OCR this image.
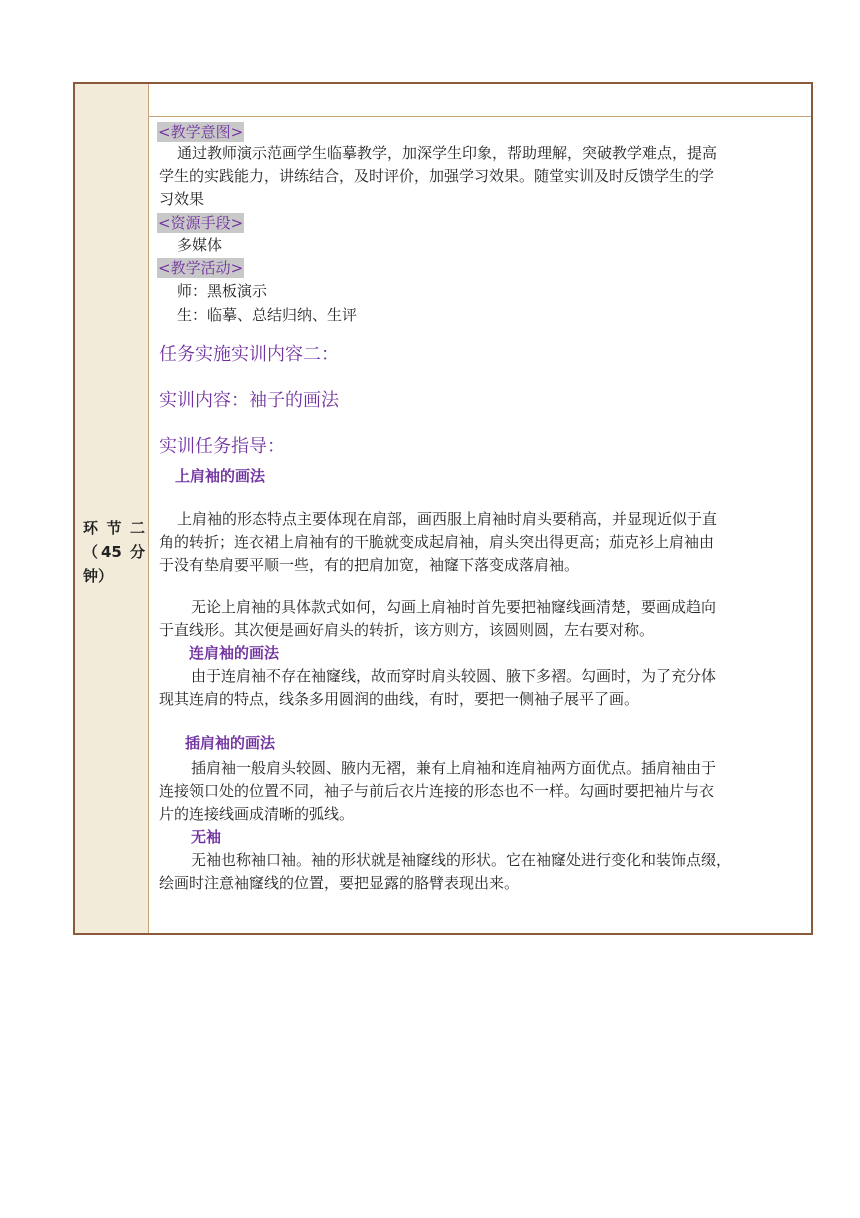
环节二（45 分钟）
<教学意图>
通过教师演示范画学生临摹教学，加深学生印象，帮助理解，突破教学难点，提高
学生的实践能力，讲练结合，及时评价，加强学习效果。随堂实训及时反馈学生的学
习效果
<资源手段>
多媒体
<教学活动>
师：黑板演示
生：临摹、总结归纳、生评
任务实施实训内容二：
实训内容：袖子的画法
实训任务指导：
上肩袖的画法
上肩袖的形态特点主要体现在肩部，画西服上肩袖时肩头要稍高，并显现近似于直
角的转折；连衣裙上肩袖有的干脆就变成起肩袖，肩头突出得更高；茄克衫上肩袖由
于没有垫肩要平顺一些，有的把肩加宽，袖窿下落变成落肩袖。
无论上肩袖的具体款式如何，勾画上肩袖时首先要把袖窿线画清楚，要画成趋向
于直线形。其次便是画好肩头的转折，该方则方，该圆则圆，左右要对称。
连肩袖的画法
由于连肩袖不存在袖窿线，故而穿时肩头较圆、腋下多褶。勾画时，为了充分体
现其连肩的特点，线条多用圆润的曲线，有时，要把一侧袖子展平了画。
插肩袖的画法
插肩袖一般肩头较圆、腋内无褶，兼有上肩袖和连肩袖两方面优点。插肩袖由于
连接领口处的位置不同，袖子与前后衣片连接的形态也不一样。勾画时要把袖片与衣
片的连接线画成清晰的弧线。
无袖
无袖也称袖口袖。袖的形状就是袖窿线的形状。它在袖窿处进行变化和装饰点缀，
绘画时注意袖窿线的位置，要把显露的胳臂表现出来。
